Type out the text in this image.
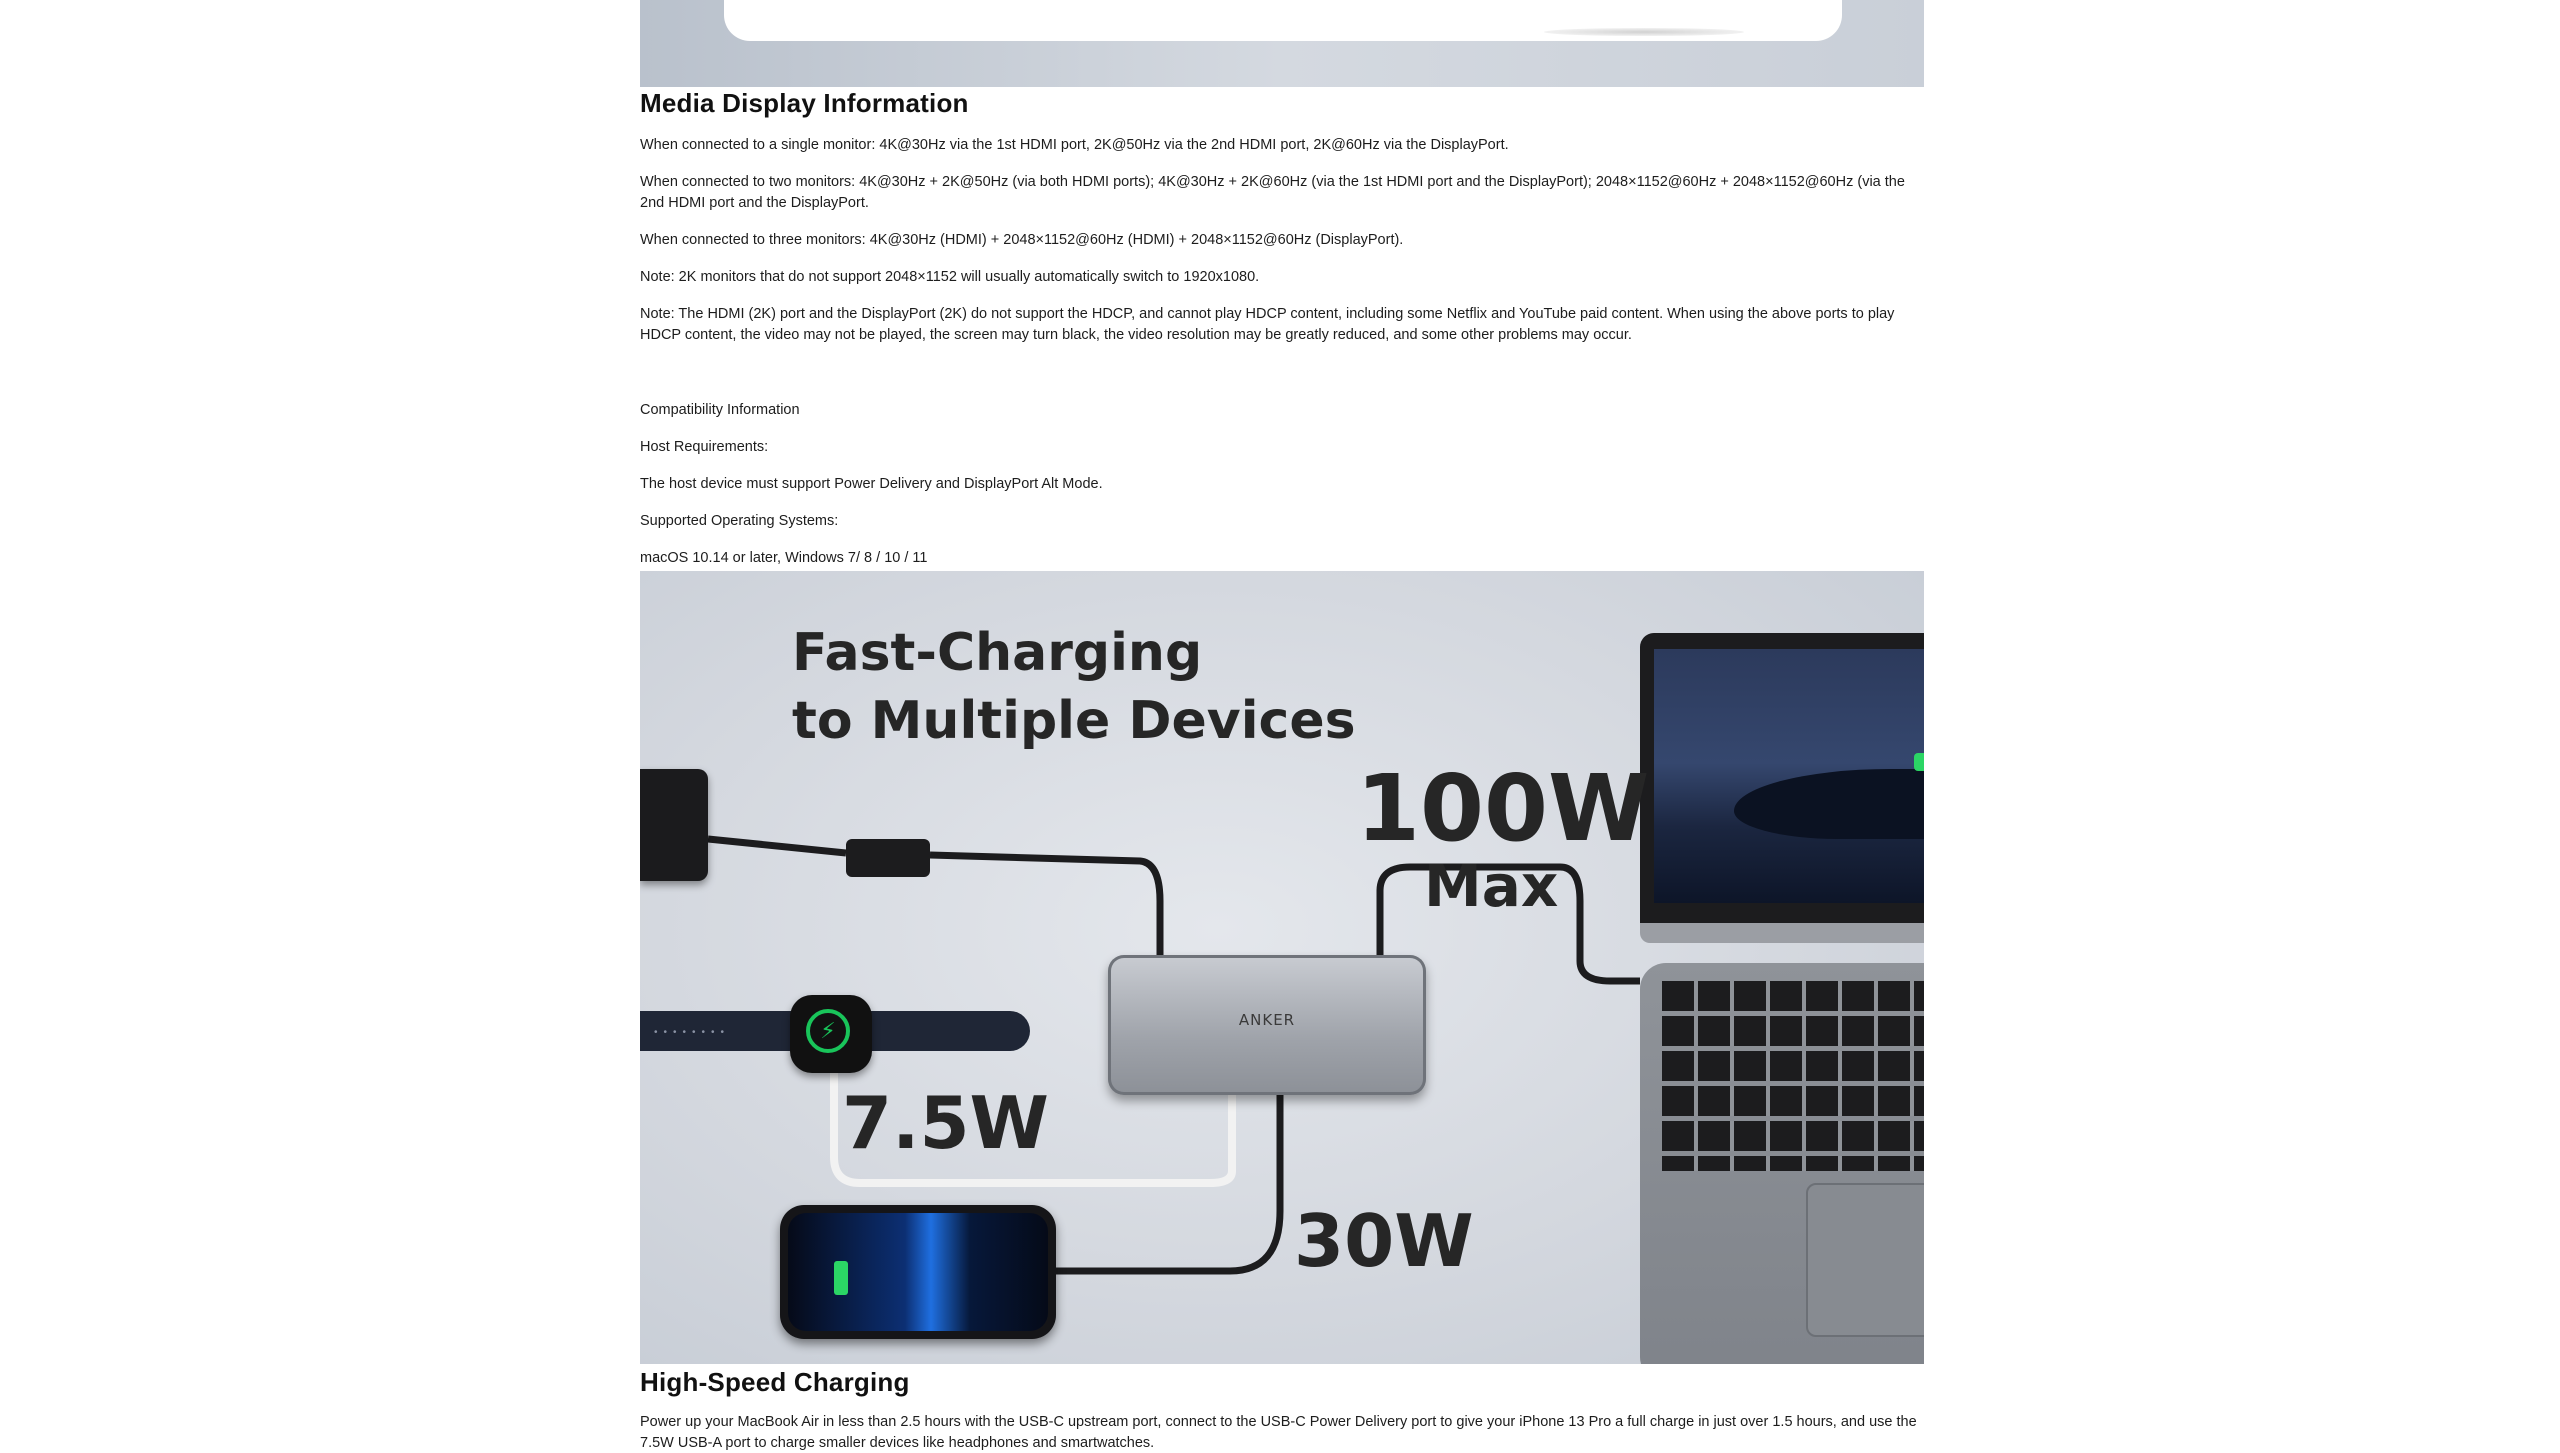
Media Display Information

When connected to a single monitor: 4K@30Hz via the 1st HDMI port, 2K@50Hz via the 2nd HDMI port, 2K@60Hz via the DisplayPort.

When connected to two monitors: 4K@30Hz + 2K@50Hz (via both HDMI ports); 4K@30Hz + 2K@60Hz (via the 1st HDMI port and the DisplayPort); 2048×1152@60Hz + 2048×1152@60Hz (via the 2nd HDMI port and the DisplayPort.

When connected to three monitors: 4K@30Hz (HDMI) + 2048×1152@60Hz (HDMI) + 2048×1152@60Hz (DisplayPort).

Note: 2K monitors that do not support 2048×1152 will usually automatically switch to 1920x1080.

Note: The HDMI (2K) port and the DisplayPort (2K) do not support the HDCP, and cannot play HDCP content, including some Netflix and YouTube paid content. When using the above ports to play HDCP content, the video may not be played, the screen may turn black, the video resolution may be greatly reduced, and some other problems may occur.

Compatibility Information

Host Requirements:

The host device must support Power Delivery and DisplayPort Alt Mode.

Supported Operating Systems:

macOS 10.14 or later, Windows 7/ 8 / 10 / 11

ANKER
••••••••	⚡
Fast-Charging
to Multiple Devices
100W
Max
7.5W
30W
High-Speed Charging

Power up your MacBook Air in less than 2.5 hours with the USB-C upstream port, connect to the USB-C Power Delivery port to give your iPhone 13 Pro a full charge in just over 1.5 hours, and use the 7.5W USB-A port to charge smaller devices like headphones and smartwatches.
